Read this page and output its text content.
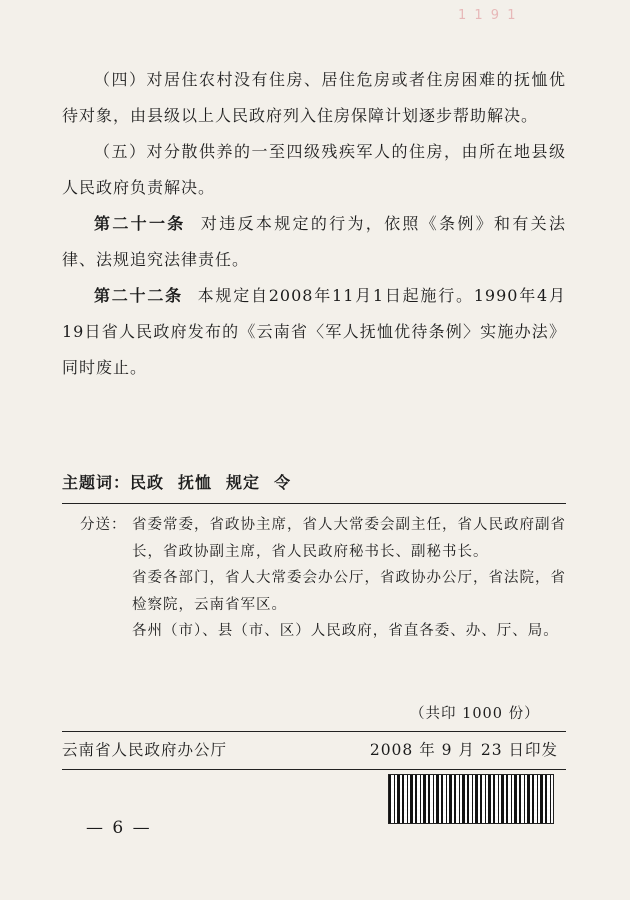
1 1 9 1

（四）对居住农村没有住房、居住危房或者住房困难的抚恤优待对象，由县级以上人民政府列入住房保障计划逐步帮助解决。

（五）对分散供养的一至四级残疾军人的住房，由所在地县级人民政府负责解决。

第二十一条 对违反本规定的行为，依照《条例》和有关法律、法规追究法律责任。

第二十二条 本规定自2008年11月1日起施行。1990年4月19日省人民政府发布的《云南省〈军人抚恤优待条例〉实施办法》同时废止。

主题词：民政 抚恤 规定 令
分送： 省委常委，省政协主席，省人大常委会副主任，省人民政府副省长，省政协副主席，省人民政府秘书长、副秘书长。

省委各部门，省人大常委会办公厅，省政协办公厅，省法院，省检察院，云南省军区。

各州（市）、县（市、区）人民政府，省直各委、办、厅、局。

（共印 1000 份）
云南省人民政府办公厅	2008 年 9 月 23 日印发
— 6 —
